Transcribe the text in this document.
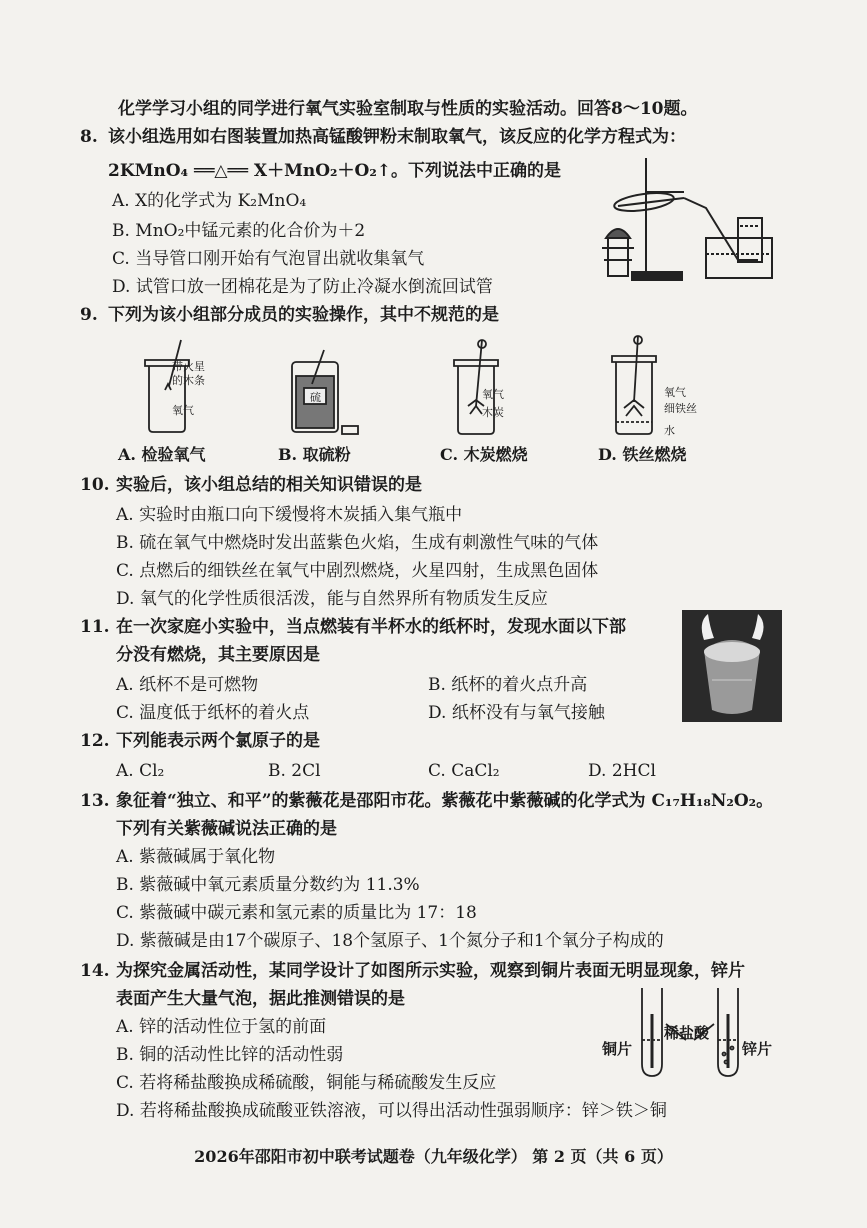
化学学习小组的同学进行氧气实验室制取与性质的实验活动。回答8～10题。
8. 该小组选用如右图装置加热高锰酸钾粉末制取氧气，该反应的化学方程式为：
2KMnO₄ ══△══ X＋MnO₂＋O₂↑。下列说法中正确的是
A. X的化学式为 K₂MnO₄
B. MnO₂中锰元素的化合价为＋2
C. 当导管口刚开始有气泡冒出就收集氧气
D. 试管口放一团棉花是为了防止冷凝水倒流回试管
9. 下列为该小组部分成员的实验操作，其中不规范的是
带火星
的木条
氧气
硫	氧气
木炭
氧气
细铁丝
水
A. 检验氧气	B. 取硫粉	C. 木炭燃烧	D. 铁丝燃烧
10. 实验后，该小组总结的相关知识错误的是
A. 实验时由瓶口向下缓慢将木炭插入集气瓶中
B. 硫在氧气中燃烧时发出蓝紫色火焰，生成有刺激性气味的气体
C. 点燃后的细铁丝在氧气中剧烈燃烧，火星四射，生成黑色固体
D. 氧气的化学性质很活泼，能与自然界所有物质发生反应
11. 在一次家庭小实验中，当点燃装有半杯水的纸杯时，发现水面以下部
分没有燃烧，其主要原因是
A. 纸杯不是可燃物	B. 纸杯的着火点升高
C. 温度低于纸杯的着火点	D. 纸杯没有与氧气接触
12. 下列能表示两个氯原子的是
A. Cl₂	B. 2Cl	C. CaCl₂	D. 2HCl
13. 象征着“独立、和平”的紫薇花是邵阳市花。紫薇花中紫薇碱的化学式为 C₁₇H₁₈N₂O₂。
下列有关紫薇碱说法正确的是
A. 紫薇碱属于氧化物
B. 紫薇碱中氧元素质量分数约为 11.3%
C. 紫薇碱中碳元素和氢元素的质量比为 17：18
D. 紫薇碱是由17个碳原子、18个氢原子、1个氮分子和1个氧分子构成的
14. 为探究金属活动性，某同学设计了如图所示实验，观察到铜片表面无明显现象，锌片
表面产生大量气泡，据此推测错误的是
A. 锌的活动性位于氢的前面
B. 铜的活动性比锌的活动性弱
C. 若将稀盐酸换成稀硫酸，铜能与稀硫酸发生反应
D. 若将稀盐酸换成硫酸亚铁溶液，可以得出活动性强弱顺序：锌＞铁＞铜
铜片
稀盐酸
锌片
2026年邵阳市初中联考试题卷（九年级化学） 第 2 页（共 6 页）
